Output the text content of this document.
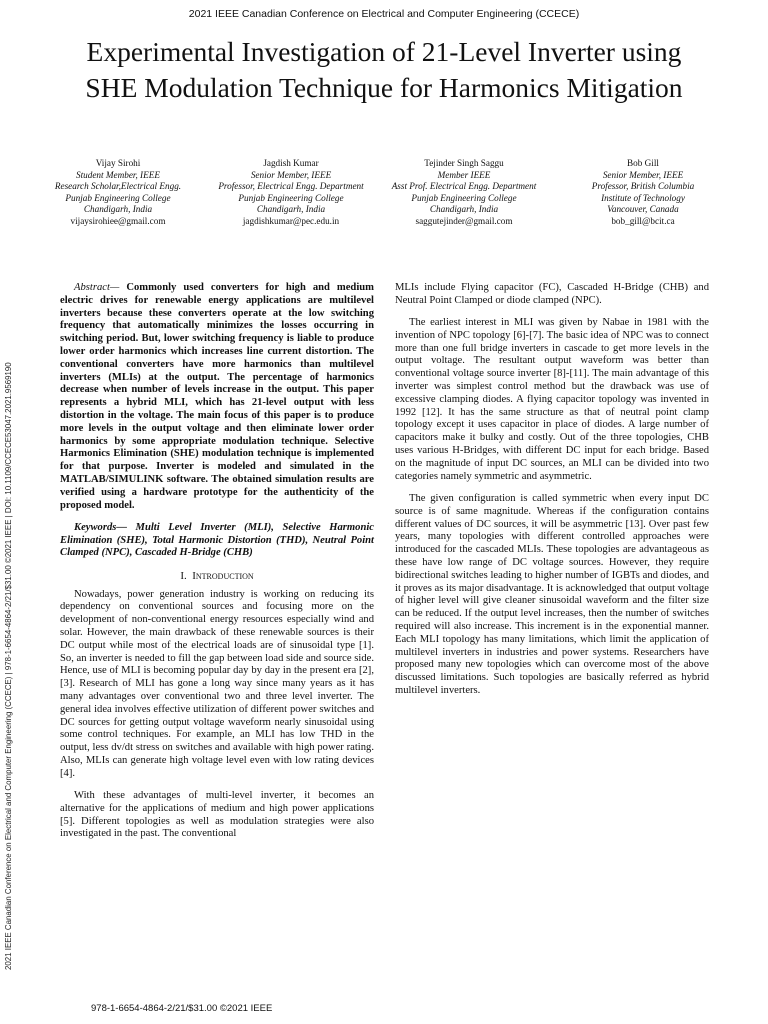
2021 IEEE Canadian Conference on Electrical and Computer Engineering (CCECE)
Experimental Investigation of 21-Level Inverter using SHE Modulation Technique for Harmonics Mitigation
Vijay Sirohi
Student Member, IEEE
Research Scholar,Electrical Engg.
Punjab Engineering College
Chandigarh, India
vijaysirohiee@gmail.com
Jagdish Kumar
Senior Member, IEEE
Professor, Electrical Engg. Department
Punjab Engineering College
Chandigarh, India
jagdishkumar@pec.edu.in
Tejinder Singh Saggu
Member IEEE
Asst Prof. Electrical Engg. Department
Punjab Engineering College
Chandigarh, India
saggutejinder@gmail.com
Bob Gill
Senior Member, IEEE
Professor, British Columbia
Institute of Technology
Vancouver, Canada
bob_gill@bcit.ca
2021 IEEE Canadian Conference on Electrical and Computer Engineering (CCECE) | 978-1-6654-4864-2/21/$31.00 ©2021 IEEE | DOI: 10.1109/CCECE53047.2021.9569190

Abstract— Commonly used converters for high and medium electric drives for renewable energy applications are multilevel inverters because these converters operate at the low switching frequency that automatically minimizes the losses occurring in switching period. But, lower switching frequency is liable to produce lower order harmonics which increases line current distortion. The conventional converters have more harmonics than multilevel inverters (MLIs) at the output. The percentage of harmonics decrease when number of levels increase in the output. This paper represents a hybrid MLI, which has 21-level output with less distortion in the voltage. The main focus of this paper is to produce more levels in the output voltage and then eliminate lower order harmonics by some appropriate modulation technique. Selective Harmonics Elimination (SHE) modulation technique is implemented for that purpose. Inverter is modeled and simulated in the MATLAB/SIMULINK software. The obtained simulation results are verified using a hardware prototype for the authenticity of the proposed model.

Keywords— Multi Level Inverter (MLI), Selective Harmonic Elimination (SHE), Total Harmonic Distortion (THD), Neutral Point Clamped (NPC), Cascaded H-Bridge (CHB)

I. Introduction

Nowadays, power generation industry is working on reducing its dependency on conventional sources and focusing more on the development of non-conventional energy resources especially wind and solar. However, the main drawback of these renewable sources is their DC output while most of the electrical loads are of sinusoidal type [1]. So, an inverter is needed to fill the gap between load side and source side. Hence, use of MLI is becoming popular day by day in the present era [2], [3]. Research of MLI has gone a long way since many years as it has many advantages over conventional two and three level inverter. The general idea involves effective utilization of different power switches and DC sources for getting output voltage waveform nearly sinusoidal using some control techniques. For example, an MLI has low THD in the output, less dv/dt stress on switches and available with high power rating. Also, MLIs can generate high voltage level even with low rating devices [4].

With these advantages of multi-level inverter, it becomes an alternative for the applications of medium and high power applications [5]. Different topologies as well as modulation strategies were also investigated in the past. The conventional

MLIs include Flying capacitor (FC), Cascaded H-Bridge (CHB) and Neutral Point Clamped or diode clamped (NPC).

The earliest interest in MLI was given by Nabae in 1981 with the invention of NPC topology [6]-[7]. The basic idea of NPC was to connect more than one full bridge inverters in cascade to get more levels in the output voltage. The resultant output waveform was better than conventional voltage source inverter [8]-[11]. The main advantage of this inverter was simplest control method but the drawback was use of excessive clamping diodes. A flying capacitor topology was invented in 1992 [12]. It has the same structure as that of neutral point clamp topology except it uses capacitor in place of diodes. A large number of capacitors make it bulky and costly. Out of the three topologies, CHB uses various H-Bridges, with different DC input for each bridge. Based on the magnitude of input DC sources, an MLI can be divided into two categories namely symmetric and asymmetric.

The given configuration is called symmetric when every input DC source is of same magnitude. Whereas if the configuration contains different values of DC sources, it will be asymmetric [13]. Over past few years, many topologies with different controlled approaches were introduced for the cascaded MLIs. These topologies are advantageous as these have low range of DC voltage sources. However, they require bidirectional switches leading to higher number of IGBTs and diodes, and it proves as its major disadvantage. It is acknowledged that output voltage of higher level will give cleaner sinusoidal waveform and the filter size can be reduced. If the output level increases, then the number of switches required will also increase. This increment is in the exponential manner. Each MLI topology has many limitations, which limit the application of multilevel inverters in industries and power systems. Researchers have proposed many new topologies which can overcome most of the above discussed limitations. Such topologies are basically referred as hybrid multilevel inverters.

978-1-6654-4864-2/21/$31.00 ©2021 IEEE
